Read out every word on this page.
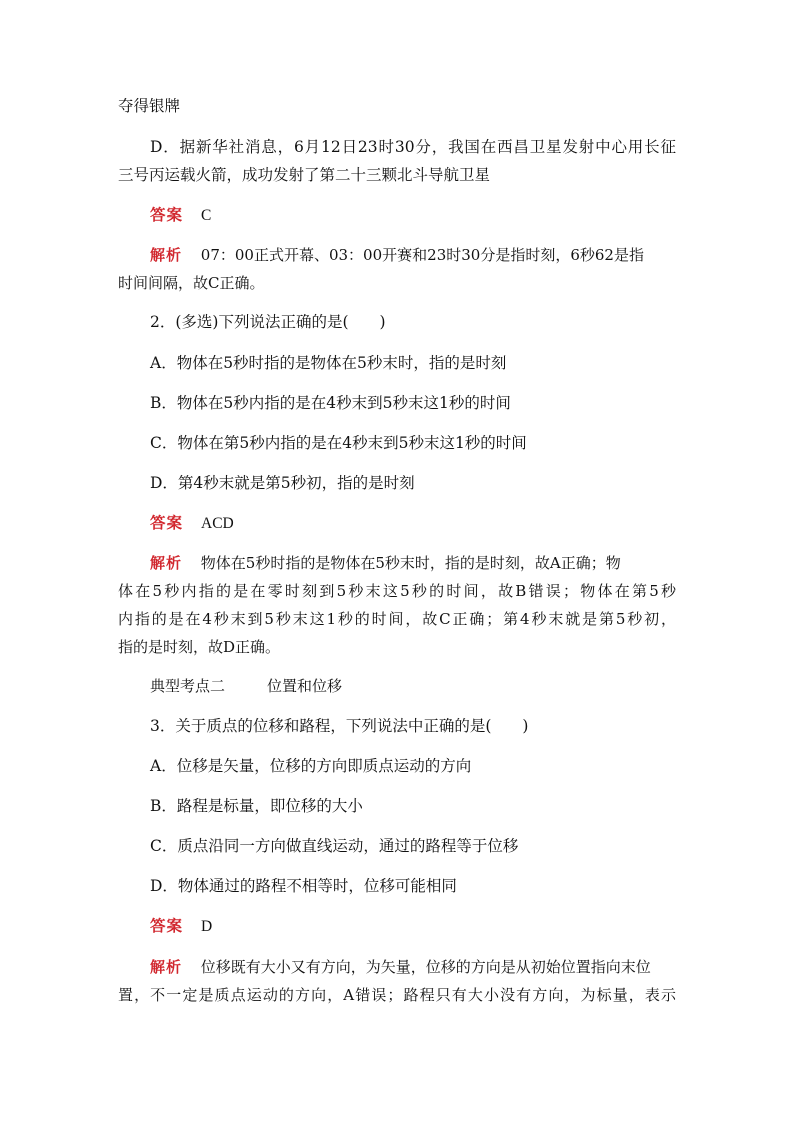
夺得银牌
D．据新华社消息，6月12日23时30分，我国在西昌卫星发射中心用长征
三号丙运载火箭，成功发射了第二十三颗北斗导航卫星
答案 C
解析 07：00正式开幕、03：00开赛和23时30分是指时刻，6秒62是指
时间间隔，故C正确。
2．(多选)下列说法正确的是(　　)
A．物体在5秒时指的是物体在5秒末时，指的是时刻
B．物体在5秒内指的是在4秒末到5秒末这1秒的时间
C．物体在第5秒内指的是在4秒末到5秒末这1秒的时间
D．第4秒末就是第5秒初，指的是时刻
答案 ACD
解析 物体在5秒时指的是物体在5秒末时，指的是时刻，故A正确；物
体在5秒内指的是在零时刻到5秒末这5秒的时间，故B错误；物体在第5秒
内指的是在4秒末到5秒末这1秒的时间，故C正确；第4秒末就是第5秒初，
指的是时刻，故D正确。
典型考点二	位置和位移
3．关于质点的位移和路程，下列说法中正确的是(　　)
A．位移是矢量，位移的方向即质点运动的方向
B．路程是标量，即位移的大小
C．质点沿同一方向做直线运动，通过的路程等于位移
D．物体通过的路程不相等时，位移可能相同
答案 D
解析 位移既有大小又有方向，为矢量，位移的方向是从初始位置指向末位
置，不一定是质点运动的方向，A错误；路程只有大小没有方向，为标量，表示
